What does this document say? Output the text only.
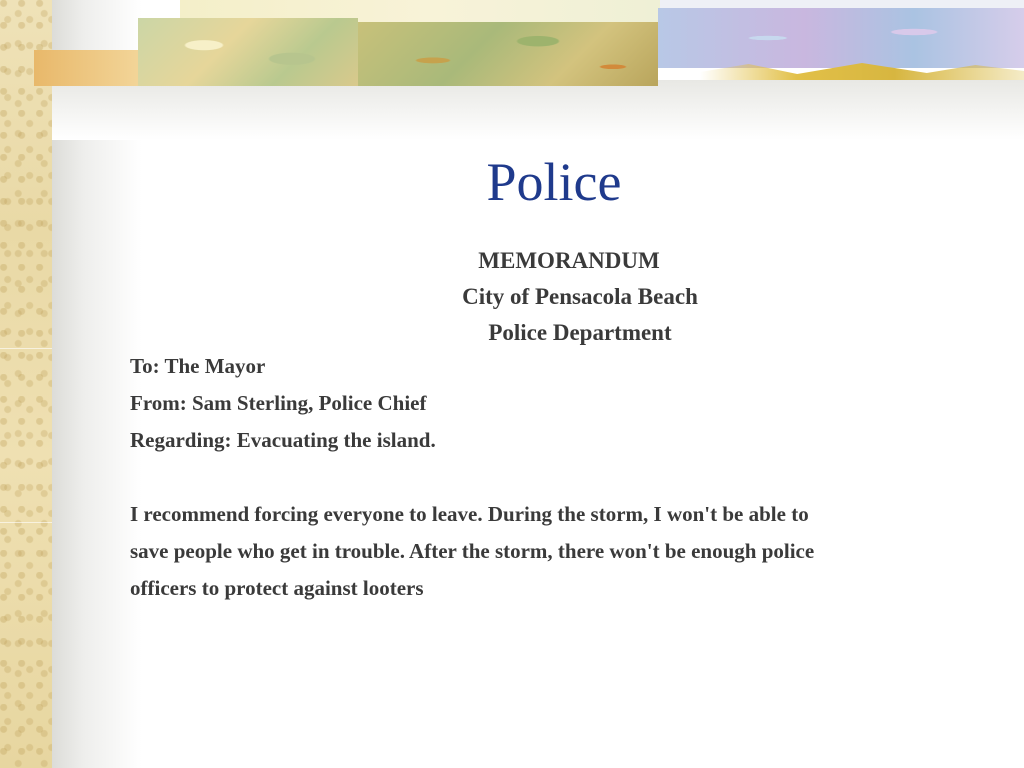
Police
MEMORANDUM
City of Pensacola Beach
Police Department
To: The Mayor
From: Sam Sterling, Police Chief
Regarding: Evacuating the island.
I recommend forcing everyone to leave. During the storm, I won't be able to
save people who get in trouble. After the storm, there won't be enough police
officers to protect against looters
